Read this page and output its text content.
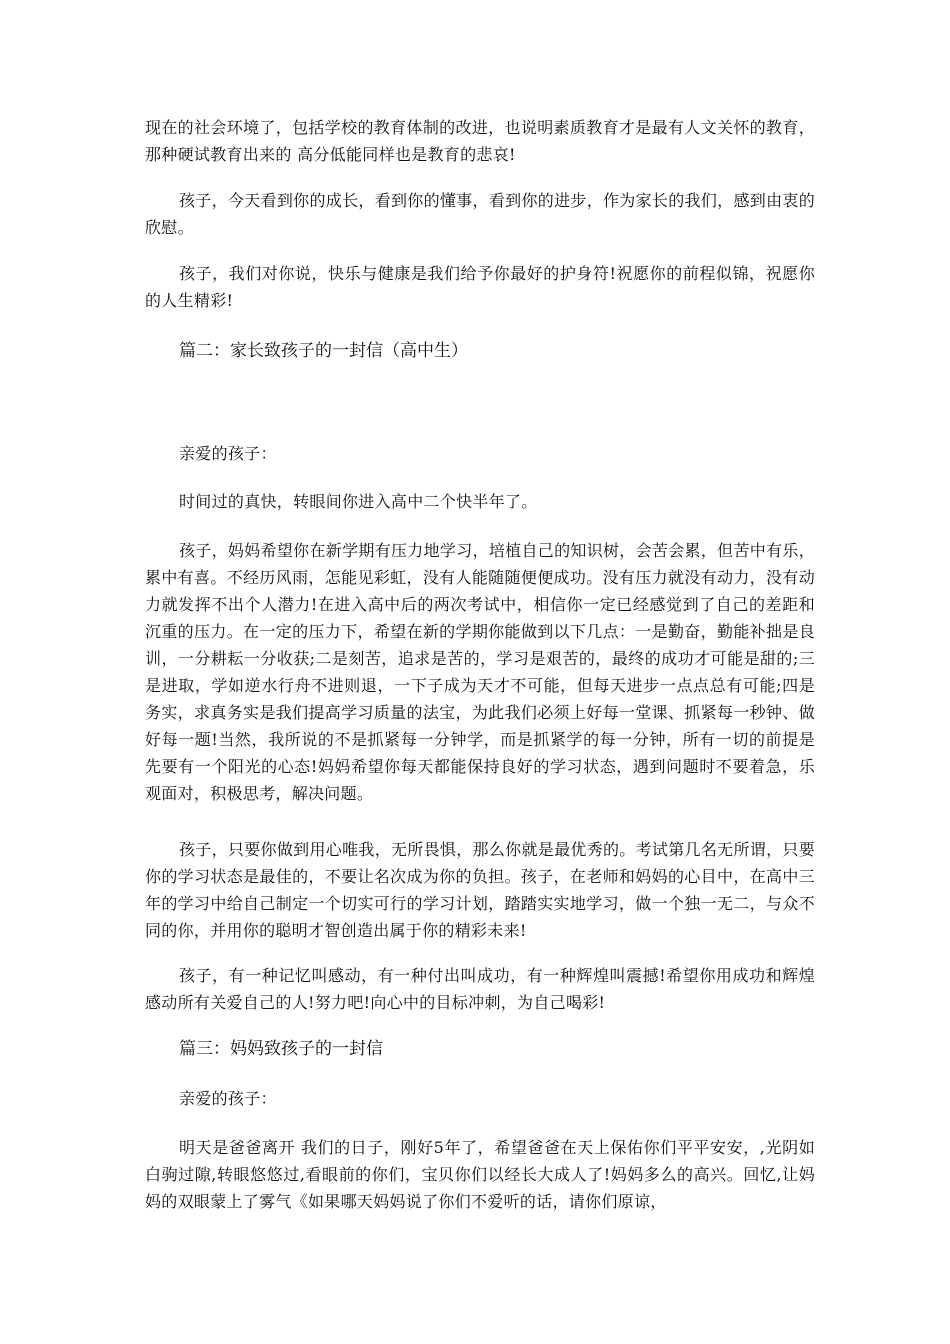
现在的社会环境了，包括学校的教育体制的改进，也说明素质教育才是最有人文关怀的教育，那种硬试教育出来的 高分低能同样也是教育的悲哀!

孩子，今天看到你的成长，看到你的懂事，看到你的进步，作为家长的我们，感到由衷的欣慰。

孩子，我们对你说，快乐与健康是我们给予你最好的护身符!祝愿你的前程似锦，祝愿你的人生精彩!

篇二：家长致孩子的一封信（高中生）

亲爱的孩子：

时间过的真快，转眼间你进入高中二个快半年了。

孩子，妈妈希望你在新学期有压力地学习，培植自己的知识树，会苦会累，但苦中有乐，累中有喜。不经历风雨，怎能见彩虹，没有人能随随便便成功。没有压力就没有动力，没有动力就发挥不出个人潜力!在进入高中后的两次考试中，相信你一定已经感觉到了自己的差距和沉重的压力。在一定的压力下，希望在新的学期你能做到以下几点：一是勤奋，勤能补拙是良训，一分耕耘一分收获;二是刻苦，追求是苦的，学习是艰苦的，最终的成功才可能是甜的;三是进取，学如逆水行舟不进则退，一下子成为天才不可能，但每天进步一点点总有可能;四是务实，求真务实是我们提高学习质量的法宝，为此我们必须上好每一堂课、抓紧每一秒钟、做好每一题!当然，我所说的不是抓紧每一分钟学，而是抓紧学的每一分钟，所有一切的前提是先要有一个阳光的心态!妈妈希望你每天都能保持良好的学习状态，遇到问题时不要着急，乐观面对，积极思考，解决问题。

孩子，只要你做到用心唯我，无所畏惧，那么你就是最优秀的。考试第几名无所谓，只要你的学习状态是最佳的，不要让名次成为你的负担。孩子，在老师和妈妈的心目中，在高中三年的学习中给自己制定一个切实可行的学习计划，踏踏实实地学习，做一个独一无二，与众不同的你，并用你的聪明才智创造出属于你的精彩未来!

孩子，有一种记忆叫感动，有一种付出叫成功，有一种辉煌叫震撼!希望你用成功和辉煌感动所有关爱自己的人!努力吧!向心中的目标冲刺，为自己喝彩!

篇三：妈妈致孩子的一封信

亲爱的孩子：

明天是爸爸离开 我们的日子，刚好5年了，希望爸爸在天上保佑你们平平安安，,光阴如白驹过隙,转眼悠悠过,看眼前的你们，宝贝你们以经长大成人了!妈妈多么的高兴。回忆,让妈妈的双眼蒙上了雾气《如果哪天妈妈说了你们不爱听的话，请你们原谅，
